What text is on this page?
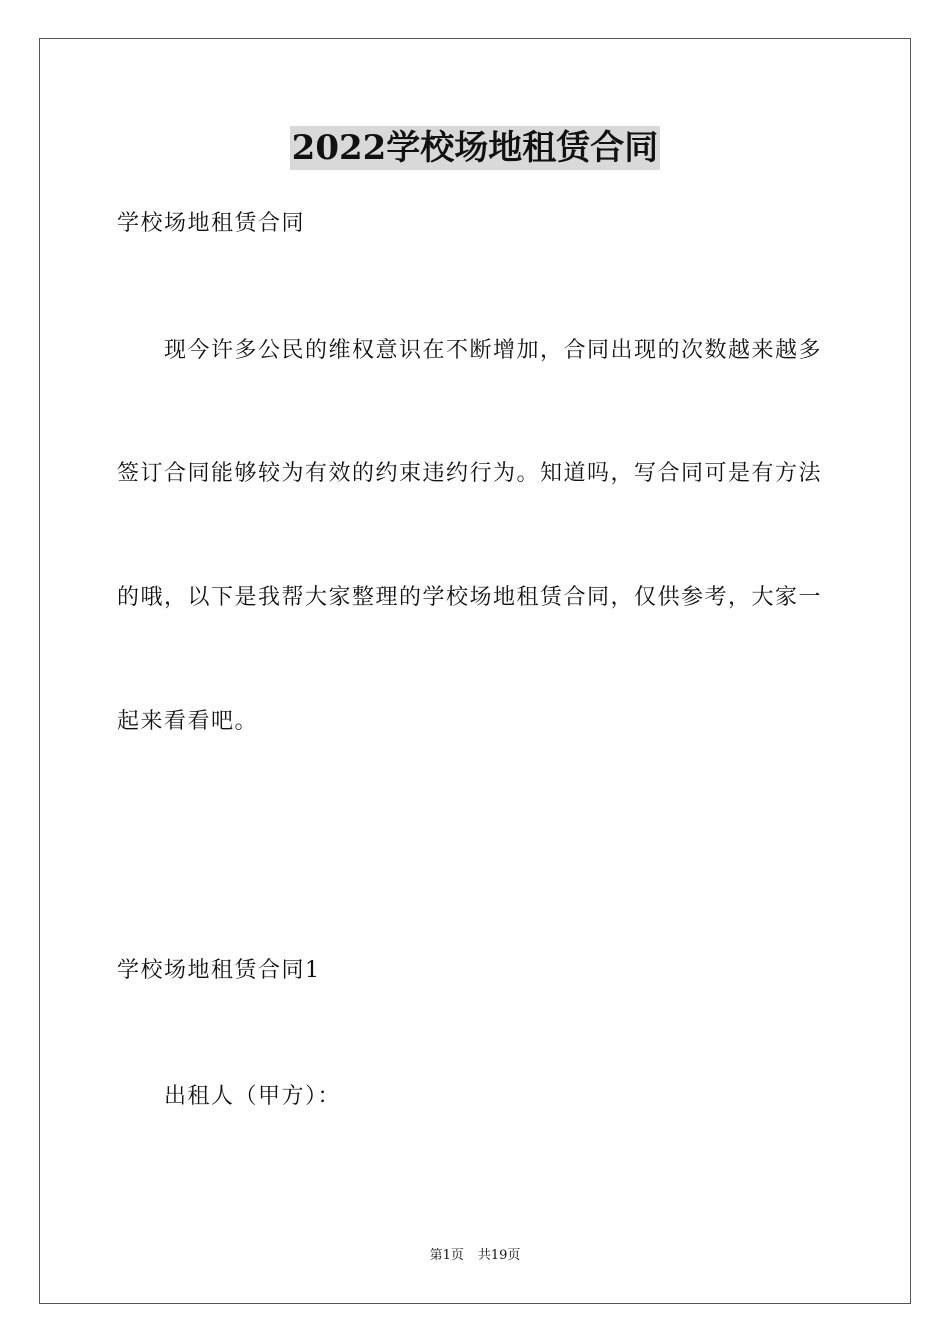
2022学校场地租赁合同
学校场地租赁合同
现今许多公民的维权意识在不断增加，合同出现的次数越来越多
签订合同能够较为有效的约束违约行为。知道吗，写合同可是有方法
的哦，以下是我帮大家整理的学校场地租赁合同，仅供参考，大家一
起来看看吧。
学校场地租赁合同1
出租人（甲方）：
第1页 共19页
